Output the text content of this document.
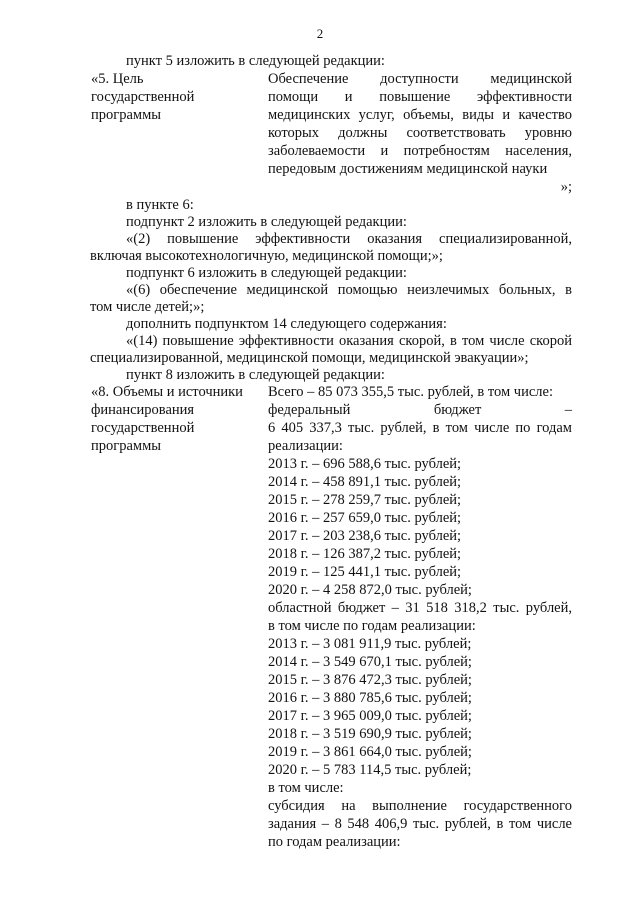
2
пункт 5 изложить в следующей редакции:
«5. Цель
государственной
программы
Обеспечение доступности медицинской
помощи и повышение эффективности
медицинских услуг, объемы, виды и качество
которых должны соответствовать уровню
заболеваемости и потребностям населения,
передовым достижениям медицинской науки
»;
в пункте 6:
подпункт 2 изложить в следующей редакции:
«(2) повышение эффективности оказания специализированной,
включая высокотехнологичную, медицинской помощи;»;
подпункт 6 изложить в следующей редакции:
«(6) обеспечение медицинской помощью неизлечимых больных, в
том числе детей;»;
дополнить подпунктом 14 следующего содержания:
«(14) повышение эффективности оказания скорой, в том числе скорой
специализированной, медицинской помощи, медицинской эвакуации»;
пункт 8 изложить в следующей редакции:
«8. Объемы и источники
финансирования
государственной
программы
Всего – 85 073 355,5 тыс. рублей, в том числе:
федеральный бюджет –
6 405 337,3 тыс. рублей, в том числе по годам
реализации:
2013 г. – 696 588,6 тыс. рублей;
2014 г. – 458 891,1 тыс. рублей;
2015 г. – 278 259,7 тыс. рублей;
2016 г. – 257 659,0 тыс. рублей;
2017 г. – 203 238,6 тыс. рублей;
2018 г. – 126 387,2 тыс. рублей;
2019 г. – 125 441,1 тыс. рублей;
2020 г. – 4 258 872,0 тыс. рублей;
областной бюджет – 31 518 318,2 тыс. рублей,
в том числе по годам реализации:
2013 г. – 3 081 911,9 тыс. рублей;
2014 г. – 3 549 670,1 тыс. рублей;
2015 г. – 3 876 472,3 тыс. рублей;
2016 г. – 3 880 785,6 тыс. рублей;
2017 г. – 3 965 009,0 тыс. рублей;
2018 г. – 3 519 690,9 тыс. рублей;
2019 г. – 3 861 664,0 тыс. рублей;
2020 г. – 5 783 114,5 тыс. рублей;
в том числе:
субсидия на выполнение государственного
задания – 8 548 406,9 тыс. рублей, в том числе
по годам реализации:
